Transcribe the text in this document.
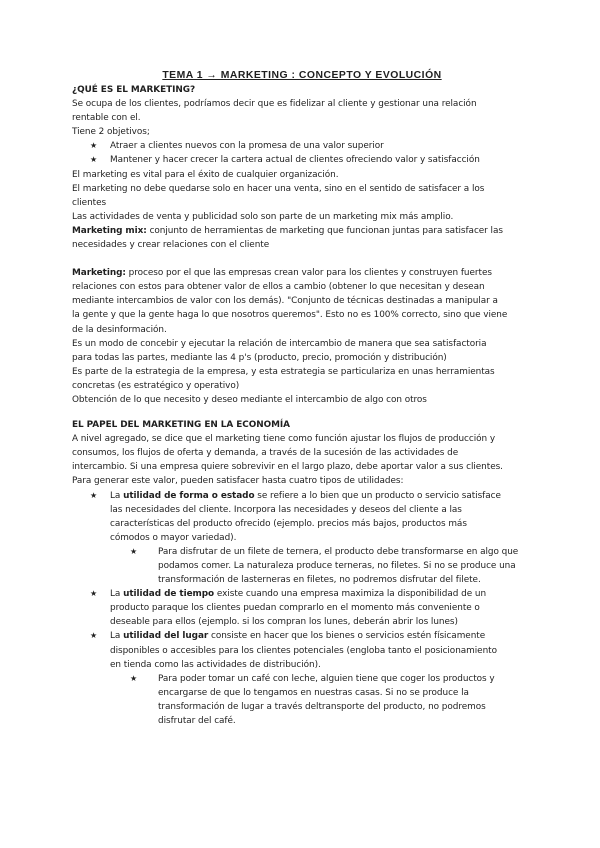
TEMA 1 → MARKETING : CONCEPTO Y EVOLUCIÓN

¿QUÉ ES EL MARKETING?

Se ocupa de los clientes, podríamos decir que es fidelizar al cliente y gestionar una relación
rentable con el.

Tiene 2 objetivos;

★ Atraer a clientes nuevos con la promesa de una valor superior
★ Mantener y hacer crecer la cartera actual de clientes ofreciendo valor y satisfacción

El marketing es vital para el éxito de cualquier organización.

El marketing no debe quedarse solo en hacer una venta, sino en el sentido de satisfacer a los
clientes

Las actividades de venta y publicidad solo son parte de un marketing mix más amplio.

Marketing mix: conjunto de herramientas de marketing que funcionan juntas para satisfacer las
necesidades y crear relaciones con el cliente

Marketing: proceso por el que las empresas crean valor para los clientes y construyen fuertes
relaciones con estos para obtener valor de ellos a cambio (obtener lo que necesitan y desean
mediante intercambios de valor con los demás). "Conjunto de técnicas destinadas a manipular a
la gente y que la gente haga lo que nosotros queremos". Esto no es 100% correcto, sino que viene
de la desinformación.

Es un modo de concebir y ejecutar la relación de intercambio de manera que sea satisfactoria
para todas las partes, mediante las 4 p's (producto, precio, promoción y distribución)

Es parte de la estrategia de la empresa, y esta estrategia se particulariza en unas herramientas
concretas (es estratégico y operativo)

Obtención de lo que necesito y deseo mediante el intercambio de algo con otros

EL PAPEL DEL MARKETING EN LA ECONOMÍA

A nivel agregado, se dice que el marketing tiene como función ajustar los flujos de producción y
consumos, los flujos de oferta y demanda, a través de la sucesión de las actividades de
intercambio. Si una empresa quiere sobrevivir en el largo plazo, debe aportar valor a sus clientes.
Para generar este valor, pueden satisfacer hasta cuatro tipos de utilidades:

★ La utilidad de forma o estado se refiere a lo bien que un producto o servicio satisface
las necesidades del cliente. Incorpora las necesidades y deseos del cliente a las
características del producto ofrecido (ejemplo. precios más bajos, productos más
cómodos o mayor variedad).
★ Para disfrutar de un filete de ternera, el producto debe transformarse en algo que
podamos comer. La naturaleza produce terneras, no filetes. Si no se produce una
transformación de lasterneras en filetes, no podremos disfrutar del filete.
★ La utilidad de tiempo existe cuando una empresa maximiza la disponibilidad de un
producto paraque los clientes puedan comprarlo en el momento más conveniente o
deseable para ellos (ejemplo. si los compran los lunes, deberán abrir los lunes)
★ La utilidad del lugar consiste en hacer que los bienes o servicios estén físicamente
disponibles o accesibles para los clientes potenciales (engloba tanto el posicionamiento
en tienda como las actividades de distribución).
★ Para poder tomar un café con leche, alguien tiene que coger los productos y
encargarse de que lo tengamos en nuestras casas. Si no se produce la
transformación de lugar a través deltransporte del producto, no podremos
disfrutar del café.
